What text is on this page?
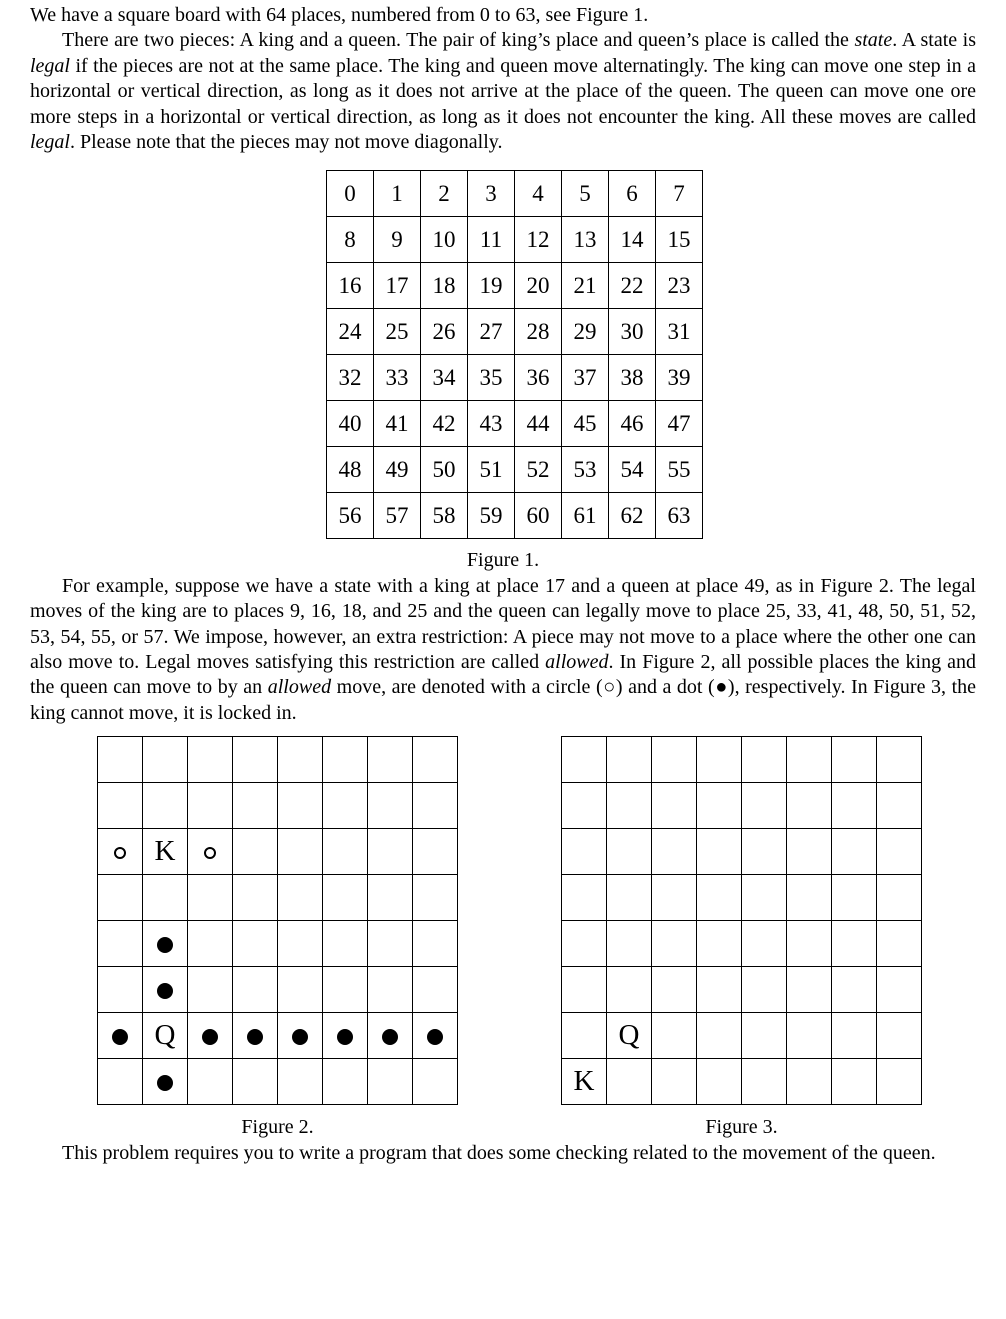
We have a square board with 64 places, numbered from 0 to 63, see Figure 1.

There are two pieces: A king and a queen. The pair of king’s place and queen’s place is called the state. A state is legal if the pieces are not at the same place. The king and queen move alternatingly. The king can move one step in a horizontal or vertical direction, as long as it does not arrive at the place of the queen. The queen can move one ore more steps in a horizontal or vertical direction, as long as it does not encounter the king. All these moves are called legal. Please note that the pieces may not move diagonally.

0	1	2	3	4	5	6	7
8	9	10	11	12	13	14	15
16	17	18	19	20	21	22	23
24	25	26	27	28	29	30	31
32	33	34	35	36	37	38	39
40	41	42	43	44	45	46	47
48	49	50	51	52	53	54	55
56	57	58	59	60	61	62	63
Figure 1.

For example, suppose we have a state with a king at place 17 and a queen at place 49, as in Figure 2. The legal moves of the king are to places 9, 16, 18, and 25 and the queen can legally move to place 25, 33, 41, 48, 50, 51, 52, 53, 54, 55, or 57. We impose, however, an extra restriction: A piece may not move to a place where the other one can also move to. Legal moves satisfying this restriction are called allowed. In Figure 2, all possible places the king and the queen can move to by an allowed move, are denoted with a circle (○) and a dot (●), respectively. In Figure 3, the king cannot move, it is locked in.

	K						

	Q						

Figure 2.

	Q						
K							
Figure 3.

This problem requires you to write a program that does some checking related to the movement of the queen.
